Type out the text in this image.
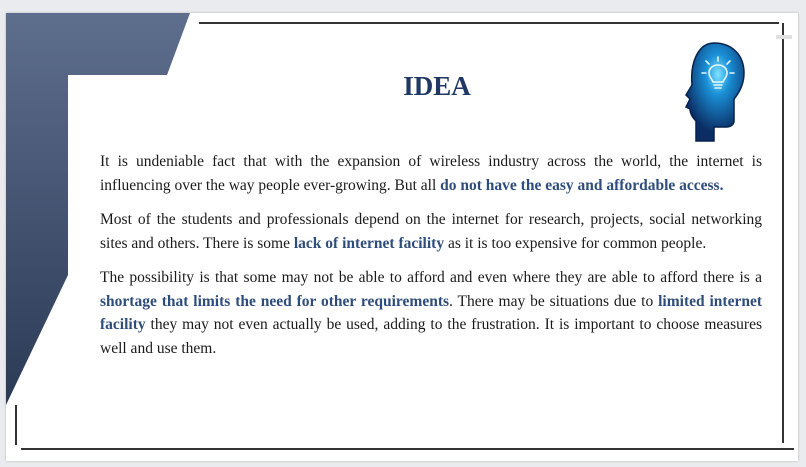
IDEA

It is undeniable fact that with the expansion of wireless industry across the world, the internet is influencing over the way people ever-growing. But all do not have the easy and affordable access.

Most of the students and professionals depend on the internet for research, projects, social networking sites and others. There is some lack of internet facility as it is too expensive for common people.

The possibility is that some may not be able to afford and even where they are able to afford there is a shortage that limits the need for other requirements. There may be situations due to limited internet facility they may not even actually be used, adding to the frustration. It is important to choose measures well and use them.
